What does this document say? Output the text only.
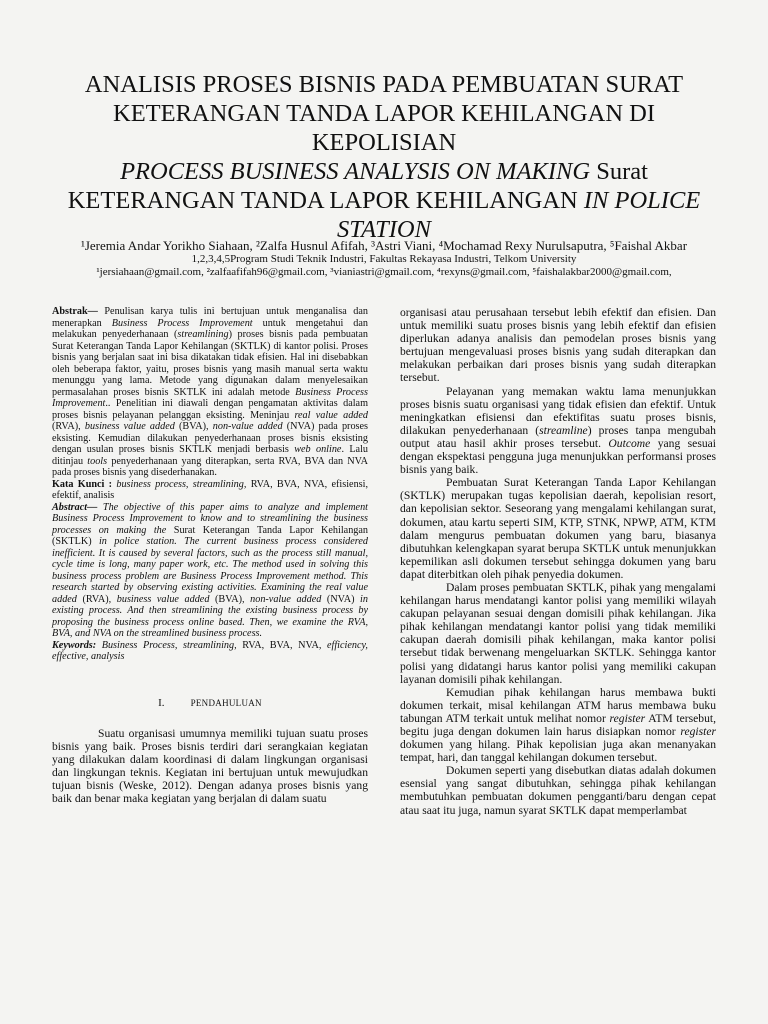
ANALISIS PROSES BISNIS PADA PEMBUATAN SURAT
KETERANGAN TANDA LAPOR KEHILANGAN DI
KEPOLISIAN
PROCESS BUSINESS ANALYSIS ON MAKING Surat
KETERANGAN TANDA LAPOR KEHILANGAN IN POLICE
STATION
¹Jeremia Andar Yorikho Siahaan, ²Zalfa Husnul Afifah, ³Astri Viani, ⁴Mochamad Rexy Nurulsaputra, ⁵Faishal Akbar
1,2,3,4,5Program Studi Teknik Industri, Fakultas Rekayasa Industri, Telkom University
¹jersiahaan@gmail.com, ²zalfaafifah96@gmail.com, ³vianiastri@gmail.com, ⁴rexyns@gmail.com, ⁵faishalakbar2000@gmail.com,

Abstrak— Penulisan karya tulis ini bertujuan untuk menganalisa dan menerapkan Business Process Improvement untuk mengetahui dan melakukan penyederhanaan (streamlining) proses bisnis pada pembuatan Surat Keterangan Tanda Lapor Kehilangan (SKTLK) di kantor polisi. Proses bisnis yang berjalan saat ini bisa dikatakan tidak efisien. Hal ini disebabkan oleh beberapa faktor, yaitu, proses bisnis yang masih manual serta waktu menunggu yang lama. Metode yang digunakan dalam menyelesaikan permasalahan proses bisnis SKTLK ini adalah metode Business Process Improvement.. Penelitian ini diawali dengan pengamatan aktivitas dalam proses bisnis pelayanan pelanggan eksisting. Meninjau real value added (RVA), business value added (BVA), non-value added (NVA) pada proses eksisting. Kemudian dilakukan penyederhanaan proses bisnis eksisting dengan usulan proses bisnis SKTLK menjadi berbasis web online. Lalu ditinjau tools penyederhanaan yang diterapkan, serta RVA, BVA dan NVA pada proses bisnis yang disederhanakan.

Kata Kunci : business process, streamlining, RVA, BVA, NVA, efisiensi, efektif, analisis

Abstract— The objective of this paper aims to analyze and implement Business Process Improvement to know and to streamlining the business processes on making the Surat Keterangan Tanda Lapor Kehilangan (SKTLK) in police station. The current business process considered inefficient. It is caused by several factors, such as the process still manual, cycle time is long, many paper work, etc. The method used in solving this business process problem are Business Process Improvement method. This research started by observing existing activities. Examining the real value added (RVA), business value added (BVA), non-value added (NVA) in existing process. And then streamlining the existing business process by proposing the business process online based. Then, we examine the RVA, BVA, and NVA on the streamlined business process.

Keywords: Business Process, streamlining, RVA, BVA, NVA, efficiency, effective, analysis

I.	PENDAHULUAN

Suatu organisasi umumnya memiliki tujuan suatu proses bisnis yang baik. Proses bisnis terdiri dari serangkaian kegiatan yang dilakukan dalam koordinasi di dalam lingkungan organisasi dan lingkungan teknis. Kegiatan ini bertujuan untuk mewujudkan tujuan bisnis (Weske, 2012). Dengan adanya proses bisnis yang baik dan benar maka kegiatan yang berjalan di dalam suatu

organisasi atau perusahaan tersebut lebih efektif dan efisien. Dan untuk memiliki suatu proses bisnis yang lebih efektif dan efisien diperlukan adanya analisis dan pemodelan proses bisnis yang bertujuan mengevaluasi proses bisnis yang sudah diterapkan dan melakukan perbaikan dari proses bisnis yang sudah diterapkan tersebut.

Pelayanan yang memakan waktu lama menunjukkan proses bisnis suatu organisasi yang tidak efisien dan efektif. Untuk meningkatkan efisiensi dan efektifitas suatu proses bisnis, dilakukan penyederhanaan (streamline) proses tanpa mengubah output atau hasil akhir proses tersebut. Outcome yang sesuai dengan ekspektasi pengguna juga menunjukkan performansi proses bisnis yang baik.

Pembuatan Surat Keterangan Tanda Lapor Kehilangan (SKTLK) merupakan tugas kepolisian daerah, kepolisian resort, dan kepolisian sektor. Seseorang yang mengalami kehilangan surat, dokumen, atau kartu seperti SIM, KTP, STNK, NPWP, ATM, KTM dalam mengurus pembuatan dokumen yang baru, biasanya dibutuhkan kelengkapan syarat berupa SKTLK untuk menunjukkan kepemilikan asli dokumen tersebut sehingga dokumen yang baru dapat diterbitkan oleh pihak penyedia dokumen.

Dalam proses pembuatan SKTLK, pihak yang mengalami kehilangan harus mendatangi kantor polisi yang memiliki wilayah cakupan pelayanan sesuai dengan domisili pihak kehilangan. Jika pihak kehilangan mendatangi kantor polisi yang tidak memiliki cakupan daerah domisili pihak kehilangan, maka kantor polisi tersebut tidak berwenang mengeluarkan SKTLK. Sehingga kantor polisi yang didatangi harus kantor polisi yang memiliki cakupan layanan domisili pihak kehilangan.

Kemudian pihak kehilangan harus membawa bukti dokumen terkait, misal kehilangan ATM harus membawa buku tabungan ATM terkait untuk melihat nomor register ATM tersebut, begitu juga dengan dokumen lain harus disiapkan nomor register dokumen yang hilang. Pihak kepolisian juga akan menanyakan tempat, hari, dan tanggal kehilangan dokumen tersebut.

Dokumen seperti yang disebutkan diatas adalah dokumen esensial yang sangat dibutuhkan, sehingga pihak kehilangan membutuhkan pembuatan dokumen pengganti/baru dengan cepat atau saat itu juga, namun syarat SKTLK dapat memperlambat
